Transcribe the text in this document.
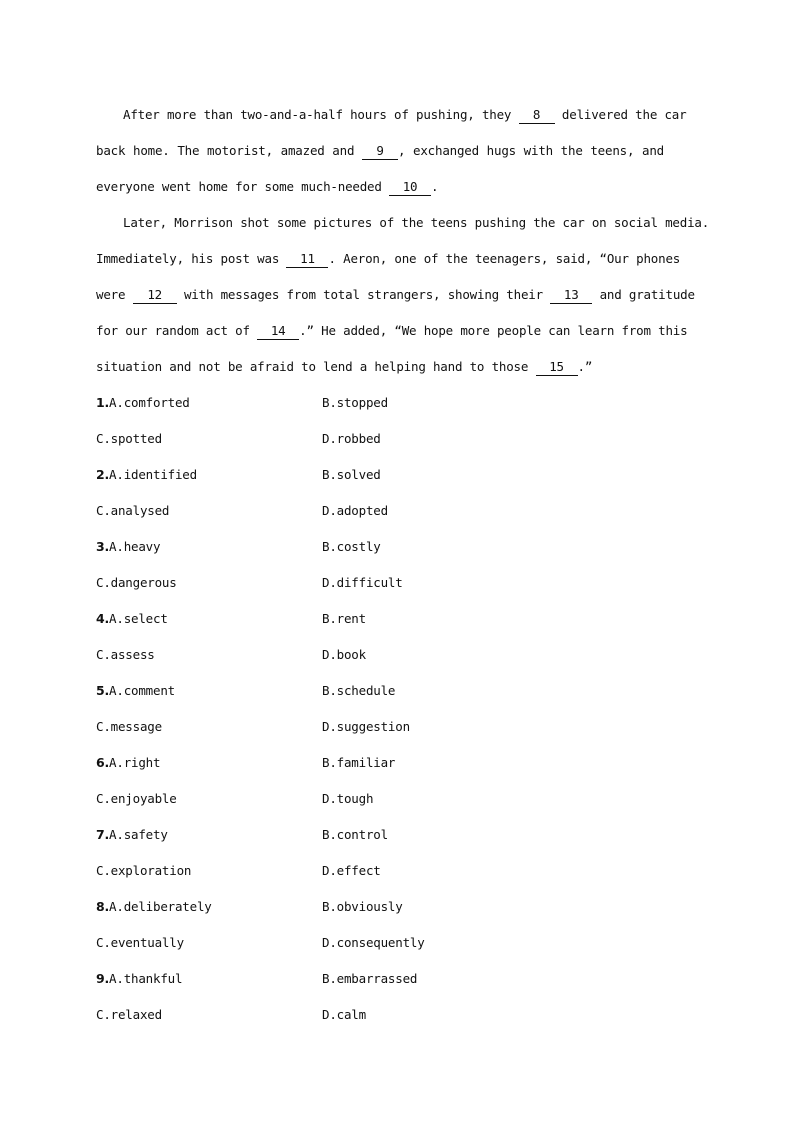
After more than two-and-a-half hours of pushing, they 8 delivered the car
back home. The motorist, amazed and 9 , exchanged hugs with the teens, and
everyone went home for some much-needed 10 .
Later, Morrison shot some pictures of the teens pushing the car on social media.
Immediately, his post was 11 . Aeron, one of the teenagers, said, “Our phones
were 12 with messages from total strangers, showing their 13 and gratitude
for our random act of 14 .” He added, “We hope more people can learn from this
situation and not be afraid to lend a helping hand to those 15 .”
1.A.comforted	B.stopped
C.spotted	D.robbed
2.A.identified	B.solved
C.analysed	D.adopted
3.A.heavy	B.costly
C.dangerous	D.difficult
4.A.select	B.rent
C.assess	D.book
5.A.comment	B.schedule
C.message	D.suggestion
6.A.right	B.familiar
C.enjoyable	D.tough
7.A.safety	B.control
C.exploration	D.effect
8.A.deliberately	B.obviously
C.eventually	D.consequently
9.A.thankful	B.embarrassed
C.relaxed	D.calm
